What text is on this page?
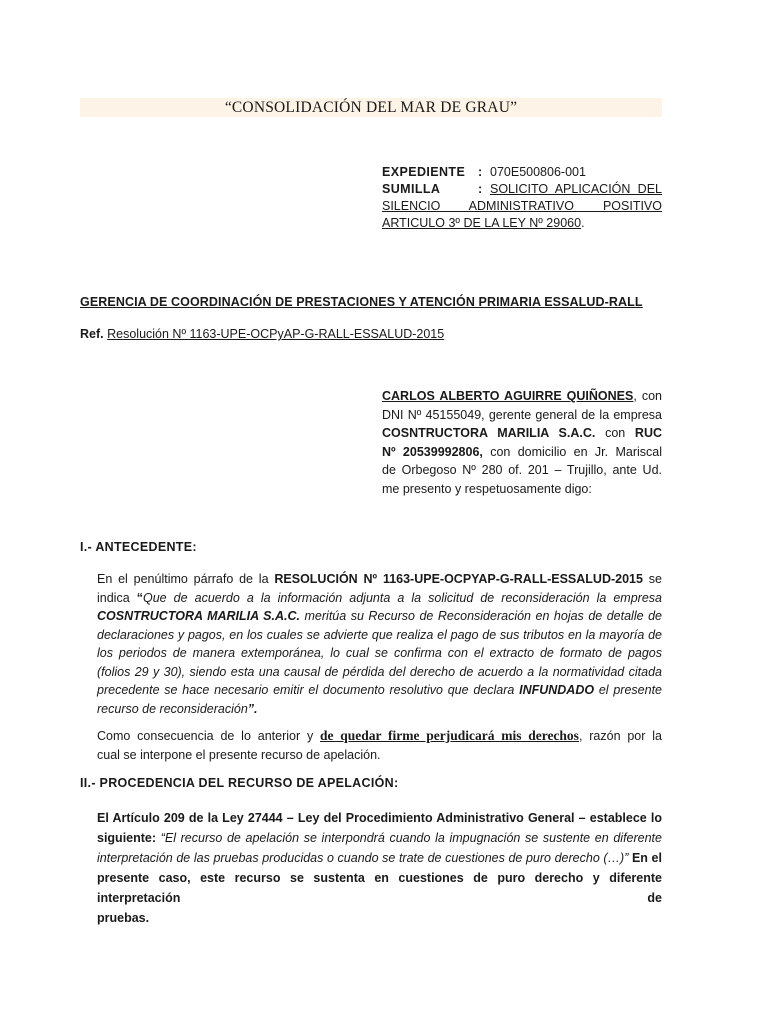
“CONSOLIDACIÓN DEL MAR DE GRAU”
EXPEDIENTE : 070E500806-001
SUMILLA	: SOLICITO APLICACIÓN DEL
SILENCIO ADMINISTRATIVO POSITIVO
ARTICULO 3º DE LA LEY Nº 29060.
GERENCIA DE COORDINACIÓN DE PRESTACIONES Y ATENCIÓN PRIMARIA ESSALUD-RALL
Ref. Resolución Nº 1163-UPE-OCPyAP-G-RALL-ESSALUD-2015
CARLOS ALBERTO AGUIRRE QUIÑONES, con
DNI Nº 45155049, gerente general de la empresa
COSNTRUCTORA MARILIA S.A.C. con RUC
Nº 20539992806, con domicilio en Jr. Mariscal
de Orbegoso Nº 280 of. 201 – Trujillo, ante Ud.
me presento y respetuosamente digo:
I.- ANTECEDENTE:
En el penúltimo párrafo de la RESOLUCIÓN Nº 1163-UPE-OCPYAP-G-RALL-ESSALUD-2015 se
indica “Que de acuerdo a la información adjunta a la solicitud de reconsideración la empresa
COSNTRUCTORA MARILIA S.A.C. meritúa su Recurso de Reconsideración en hojas de detalle de
declaraciones y pagos, en los cuales se advierte que realiza el pago de sus tributos en la mayoría de
los periodos de manera extemporánea, lo cual se confirma con el extracto de formato de pagos
(folios 29 y 30), siendo esta una causal de pérdida del derecho de acuerdo a la normatividad citada
precedente se hace necesario emitir el documento resolutivo que declara INFUNDADO el presente
recurso de reconsideración”.
Como consecuencia de lo anterior y de quedar firme perjudicará mis derechos, razón por la
cual se interpone el presente recurso de apelación.
II.- PROCEDENCIA DEL RECURSO DE APELACIÓN:
El Artículo 209 de la Ley 27444 – Ley del Procedimiento Administrativo General – establece lo
siguiente: “El recurso de apelación se interpondrá cuando la impugnación se sustente en diferente
interpretación de las pruebas producidas o cuando se trate de cuestiones de puro derecho (…)” En el
presente caso, este recurso se sustenta en cuestiones de puro derecho y diferente interpretación de
pruebas.
